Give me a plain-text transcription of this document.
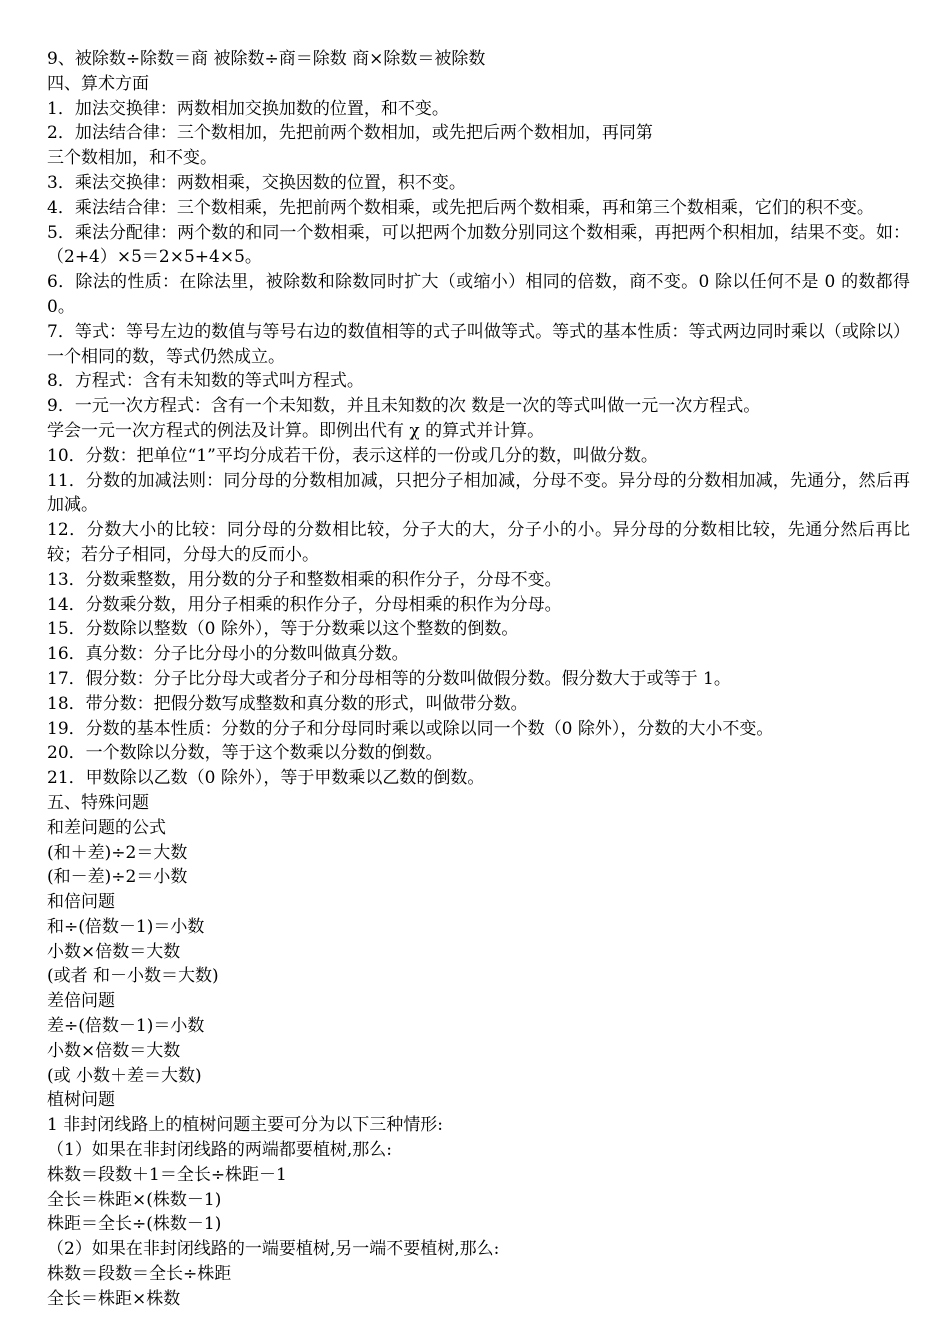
9、被除数÷除数＝商 被除数÷商＝除数 商×除数＝被除数
四、算术方面
1．加法交换律：两数相加交换加数的位置，和不变。
2．加法结合律：三个数相加，先把前两个数相加，或先把后两个数相加，再同第
三个数相加，和不变。
3．乘法交换律：两数相乘，交换因数的位置，积不变。
4．乘法结合律：三个数相乘，先把前两个数相乘，或先把后两个数相乘，再和第三个数相乘，它们的积不变。
5．乘法分配律：两个数的和同一个数相乘，可以把两个加数分别同这个数相乘，再把两个积相加，结果不变。如：（2+4）×5＝2×5+4×5。
6．除法的性质：在除法里，被除数和除数同时扩大（或缩小）相同的倍数，商不变。0 除以任何不是 0 的数都得 0。
7．等式：等号左边的数值与等号右边的数值相等的式子叫做等式。等式的基本性质：等式两边同时乘以（或除以）一个相同的数，等式仍然成立。
8．方程式：含有未知数的等式叫方程式。
9．一元一次方程式：含有一个未知数，并且未知数的次 数是一次的等式叫做一元一次方程式。
学会一元一次方程式的例法及计算。即例出代有 χ 的算式并计算。
10．分数：把单位“1”平均分成若干份，表示这样的一份或几分的数，叫做分数。
11．分数的加减法则：同分母的分数相加减，只把分子相加减，分母不变。异分母的分数相加减，先通分，然后再加减。
12．分数大小的比较：同分母的分数相比较，分子大的大，分子小的小。异分母的分数相比较，先通分然后再比较；若分子相同，分母大的反而小。
13．分数乘整数，用分数的分子和整数相乘的积作分子，分母不变。
14．分数乘分数，用分子相乘的积作分子，分母相乘的积作为分母。
15．分数除以整数（0 除外），等于分数乘以这个整数的倒数。
16．真分数：分子比分母小的分数叫做真分数。
17．假分数：分子比分母大或者分子和分母相等的分数叫做假分数。假分数大于或等于 1。
18．带分数：把假分数写成整数和真分数的形式，叫做带分数。
19．分数的基本性质：分数的分子和分母同时乘以或除以同一个数（0 除外），分数的大小不变。
20．一个数除以分数，等于这个数乘以分数的倒数。
21．甲数除以乙数（0 除外），等于甲数乘以乙数的倒数。
五、特殊问题
和差问题的公式
(和＋差)÷2＝大数
(和－差)÷2＝小数
和倍问题
和÷(倍数－1)＝小数
小数×倍数＝大数
(或者 和－小数＝大数)
差倍问题
差÷(倍数－1)＝小数
小数×倍数＝大数
(或 小数＋差＝大数)
植树问题
1 非封闭线路上的植树问题主要可分为以下三种情形:
（1）如果在非封闭线路的两端都要植树,那么:
株数＝段数＋1＝全长÷株距－1
全长＝株距×(株数－1)
株距＝全长÷(株数－1)
（2）如果在非封闭线路的一端要植树,另一端不要植树,那么:
株数＝段数＝全长÷株距
全长＝株距×株数
